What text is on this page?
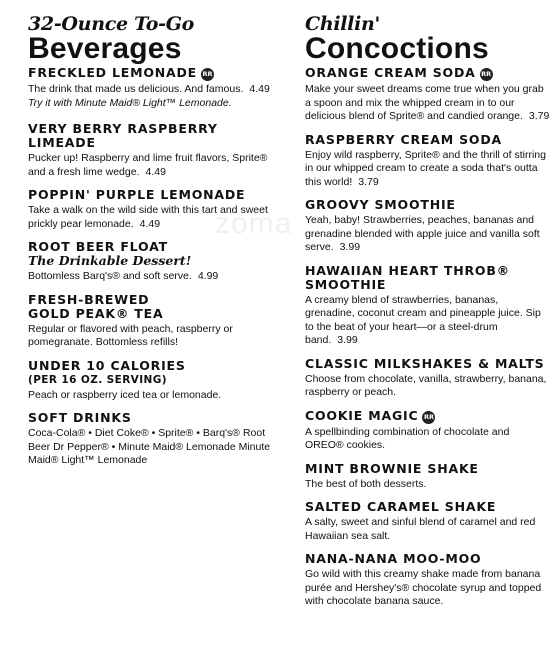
zoma
32-Ounce To-Go
Beverages
FRECKLED LEMONADE RR
The drink that made us delicious. And famous. 4.49
Try it with Minute Maid® Light™ Lemonade.
VERY BERRY RASPBERRY LIMEADE
Pucker up! Raspberry and lime fruit flavors, Sprite® and a fresh lime wedge. 4.49
POPPIN' PURPLE LEMONADE
Take a walk on the wild side with this tart and sweet prickly pear lemonade. 4.49
ROOT BEER FLOAT
The Drinkable Dessert!
Bottomless Barq's® and soft serve. 4.99
FRESH-BREWED
GOLD PEAK® TEA
Regular or flavored with peach, raspberry or pomegranate. Bottomless refills!
UNDER 10 CALORIES
(PER 16 OZ. SERVING)
Peach or raspberry iced tea or lemonade.
SOFT DRINKS
Coca-Cola® • Diet Coke® • Sprite® • Barq's® Root Beer Dr Pepper® • Minute Maid® Lemonade Minute Maid® Light™ Lemonade
Chillin'
Concoctions
ORANGE CREAM SODA RR
Make your sweet dreams come true when you grab a spoon and mix the whipped cream in to our delicious blend of Sprite® and candied orange. 3.79
RASPBERRY CREAM SODA
Enjoy wild raspberry, Sprite® and the thrill of stirring in our whipped cream to create a soda that's outta this world! 3.79
GROOVY SMOOTHIE
Yeah, baby! Strawberries, peaches, bananas and grenadine blended with apple juice and vanilla soft serve. 3.99
HAWAIIAN HEART THROB® SMOOTHIE
A creamy blend of strawberries, bananas, grenadine, coconut cream and pineapple juice. Sip to the beat of your heart—or a steel-drum band. 3.99
CLASSIC MILKSHAKES & MALTS
Choose from chocolate, vanilla, strawberry, banana, raspberry or peach.
COOKIE MAGIC RR
A spellbinding combination of chocolate and OREO® cookies.
MINT BROWNIE SHAKE
The best of both desserts.
SALTED CARAMEL SHAKE
A salty, sweet and sinful blend of caramel and red Hawaiian sea salt.
NANA-NANA MOO-MOO
Go wild with this creamy shake made from banana purée and Hershey's® chocolate syrup and topped with chocolate banana sauce.
